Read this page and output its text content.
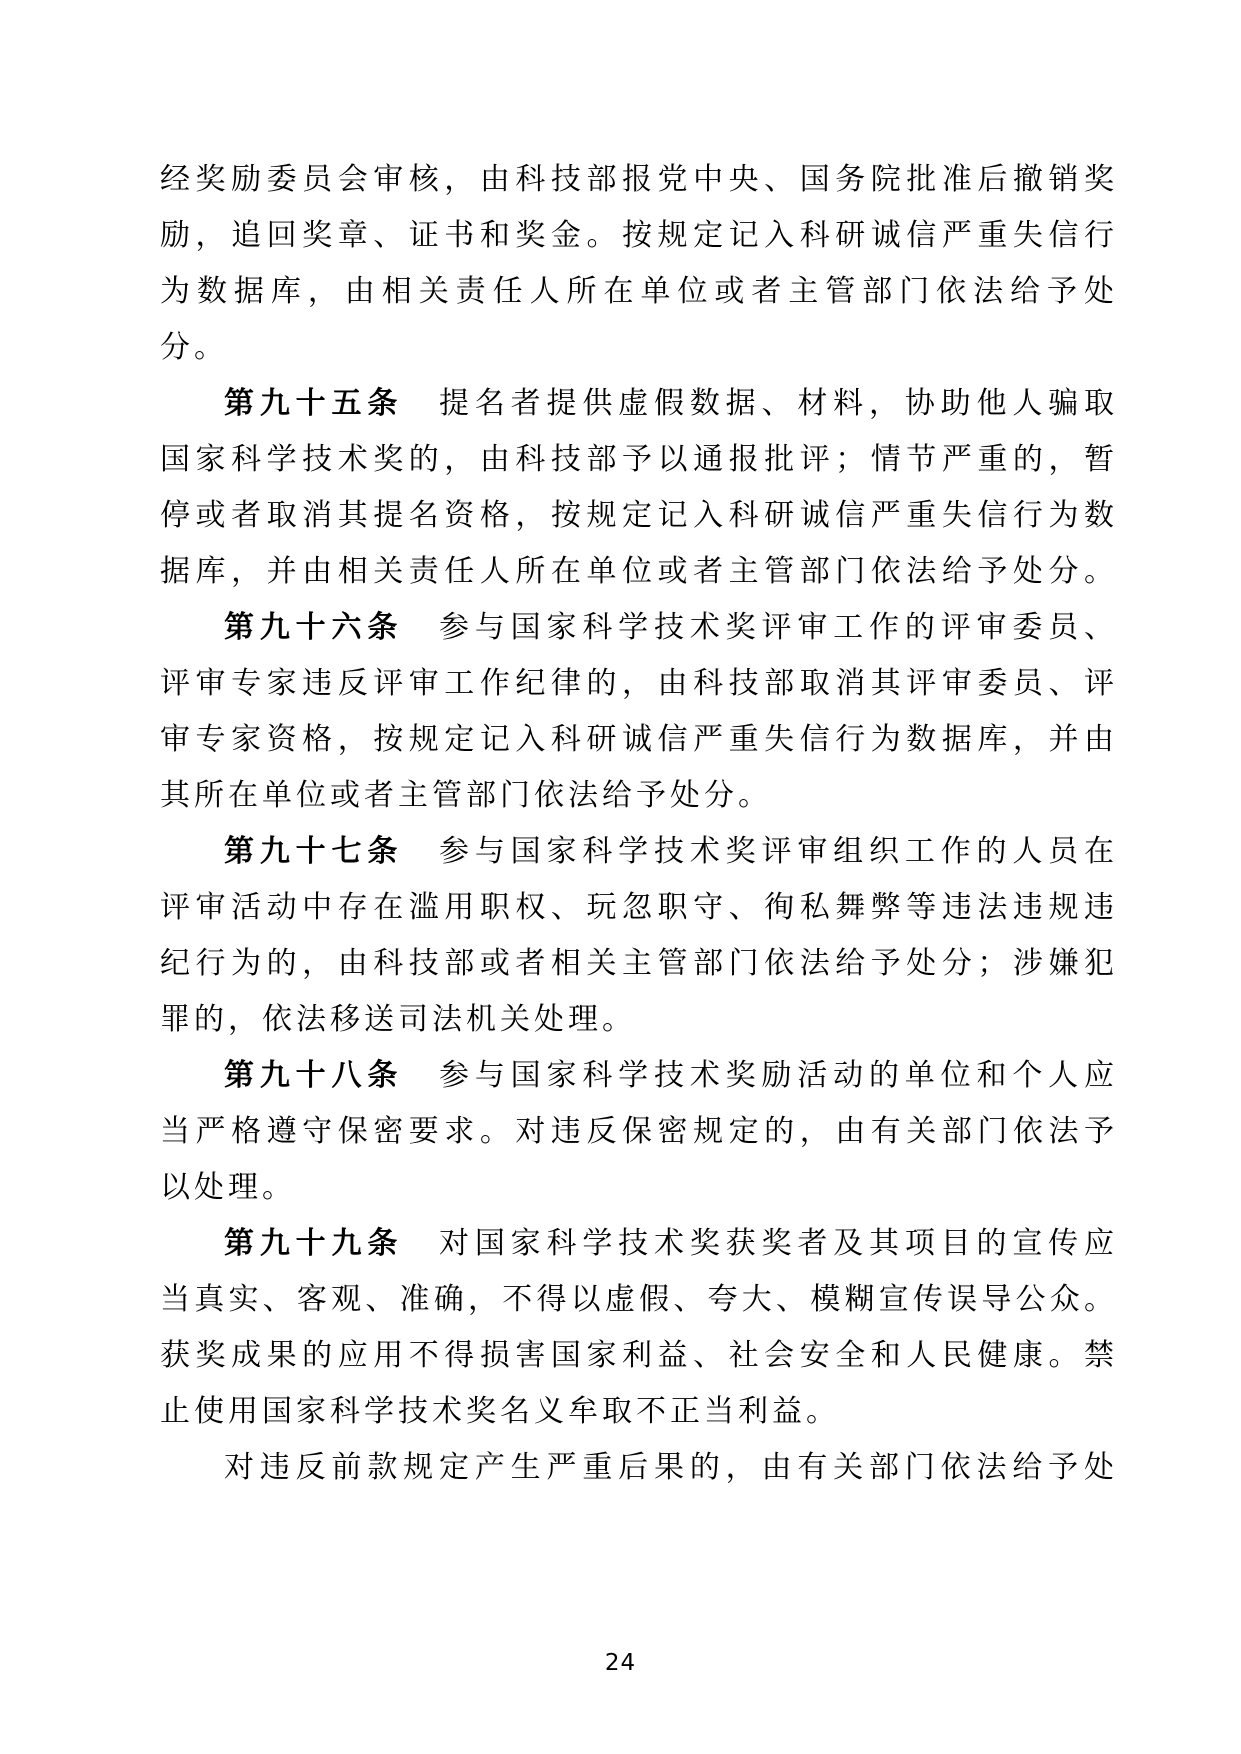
经奖励委员会审核，由科技部报党中央、国务院批准后撤销奖
励，追回奖章、证书和奖金。按规定记入科研诚信严重失信行
为数据库，由相关责任人所在单位或者主管部门依法给予处
分。

第九十五条　 提名者提供虚假数据、材料，协助他人骗取
国家科学技术奖的，由科技部予以通报批评；情节严重的，暂
停或者取消其提名资格，按规定记入科研诚信严重失信行为数
据库，并由相关责任人所在单位或者主管部门依法给予处分。

第九十六条　 参与国家科学技术奖评审工作的评审委员、
评审专家违反评审工作纪律的，由科技部取消其评审委员、评
审专家资格，按规定记入科研诚信严重失信行为数据库，并由
其所在单位或者主管部门依法给予处分。

第九十七条　 参与国家科学技术奖评审组织工作的人员在
评审活动中存在滥用职权、玩忽职守、徇私舞弊等违法违规违
纪行为的，由科技部或者相关主管部门依法给予处分；涉嫌犯
罪的，依法移送司法机关处理。

第九十八条　 参与国家科学技术奖励活动的单位和个人应
当严格遵守保密要求。对违反保密规定的，由有关部门依法予
以处理。

第九十九条　 对国家科学技术奖获奖者及其项目的宣传应
当真实、客观、准确，不得以虚假、夸大、模糊宣传误导公众。
获奖成果的应用不得损害国家利益、社会安全和人民健康。禁
止使用国家科学技术奖名义牟取不正当利益。

对违反前款规定产生严重后果的，由有关部门依法给予处

24
